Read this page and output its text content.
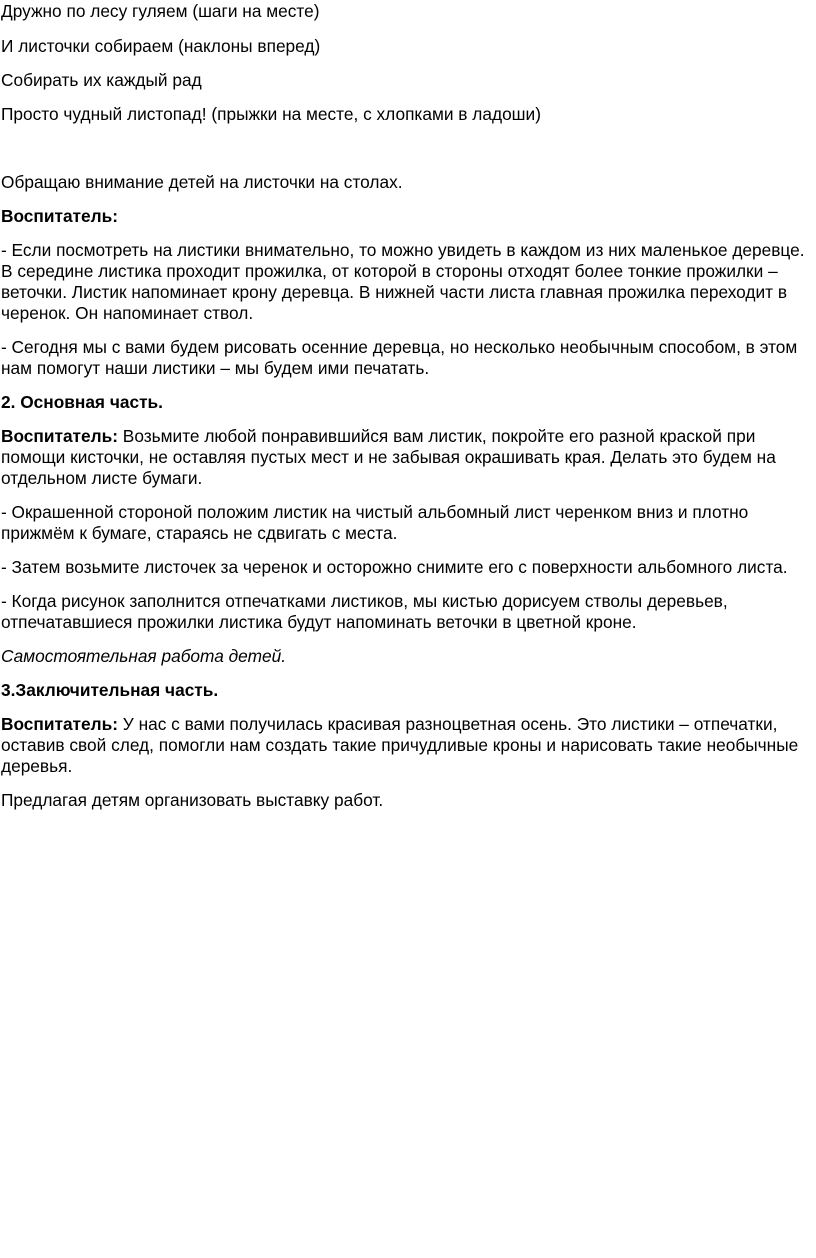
Дружно по лесу гуляем (шаги на месте)

И листочки собираем (наклоны вперед)

Собирать их каждый рад

Просто чудный листопад! (прыжки на месте, с хлопками в ладоши)

Обращаю внимание детей на листочки на столах.

Воспитатель:

- Если посмотреть на листики внимательно, то можно увидеть в каждом из них маленькое деревце. В середине листика проходит прожилка, от которой в стороны отходят более тонкие прожилки – веточки. Листик напоминает крону деревца. В нижней части листа главная прожилка переходит в черенок. Он напоминает ствол.

- Сегодня мы с вами будем рисовать осенние деревца, но несколько необычным способом, в этом нам помогут наши листики – мы будем ими печатать.

2. Основная часть.

Воспитатель: Возьмите любой понравившийся вам листик, покройте его разной краской при помощи кисточки, не оставляя пустых мест и не забывая окрашивать края. Делать это будем на отдельном листе бумаги.

- Окрашенной стороной положим листик на чистый альбомный лист черенком вниз и плотно прижмём к бумаге, стараясь не сдвигать с места.

- Затем возьмите листочек за черенок и осторожно снимите его с поверхности альбомного листа.

- Когда рисунок заполнится отпечатками листиков, мы кистью дорисуем стволы деревьев, отпечатавшиеся прожилки листика будут напоминать веточки в цветной кроне.

Самостоятельная работа детей.

3.Заключительная часть.

Воспитатель: У нас с вами получилась красивая разноцветная осень. Это листики – отпечатки, оставив свой след, помогли нам создать такие причудливые кроны и нарисовать такие необычные деревья.

Предлагая детям организовать выставку работ.
